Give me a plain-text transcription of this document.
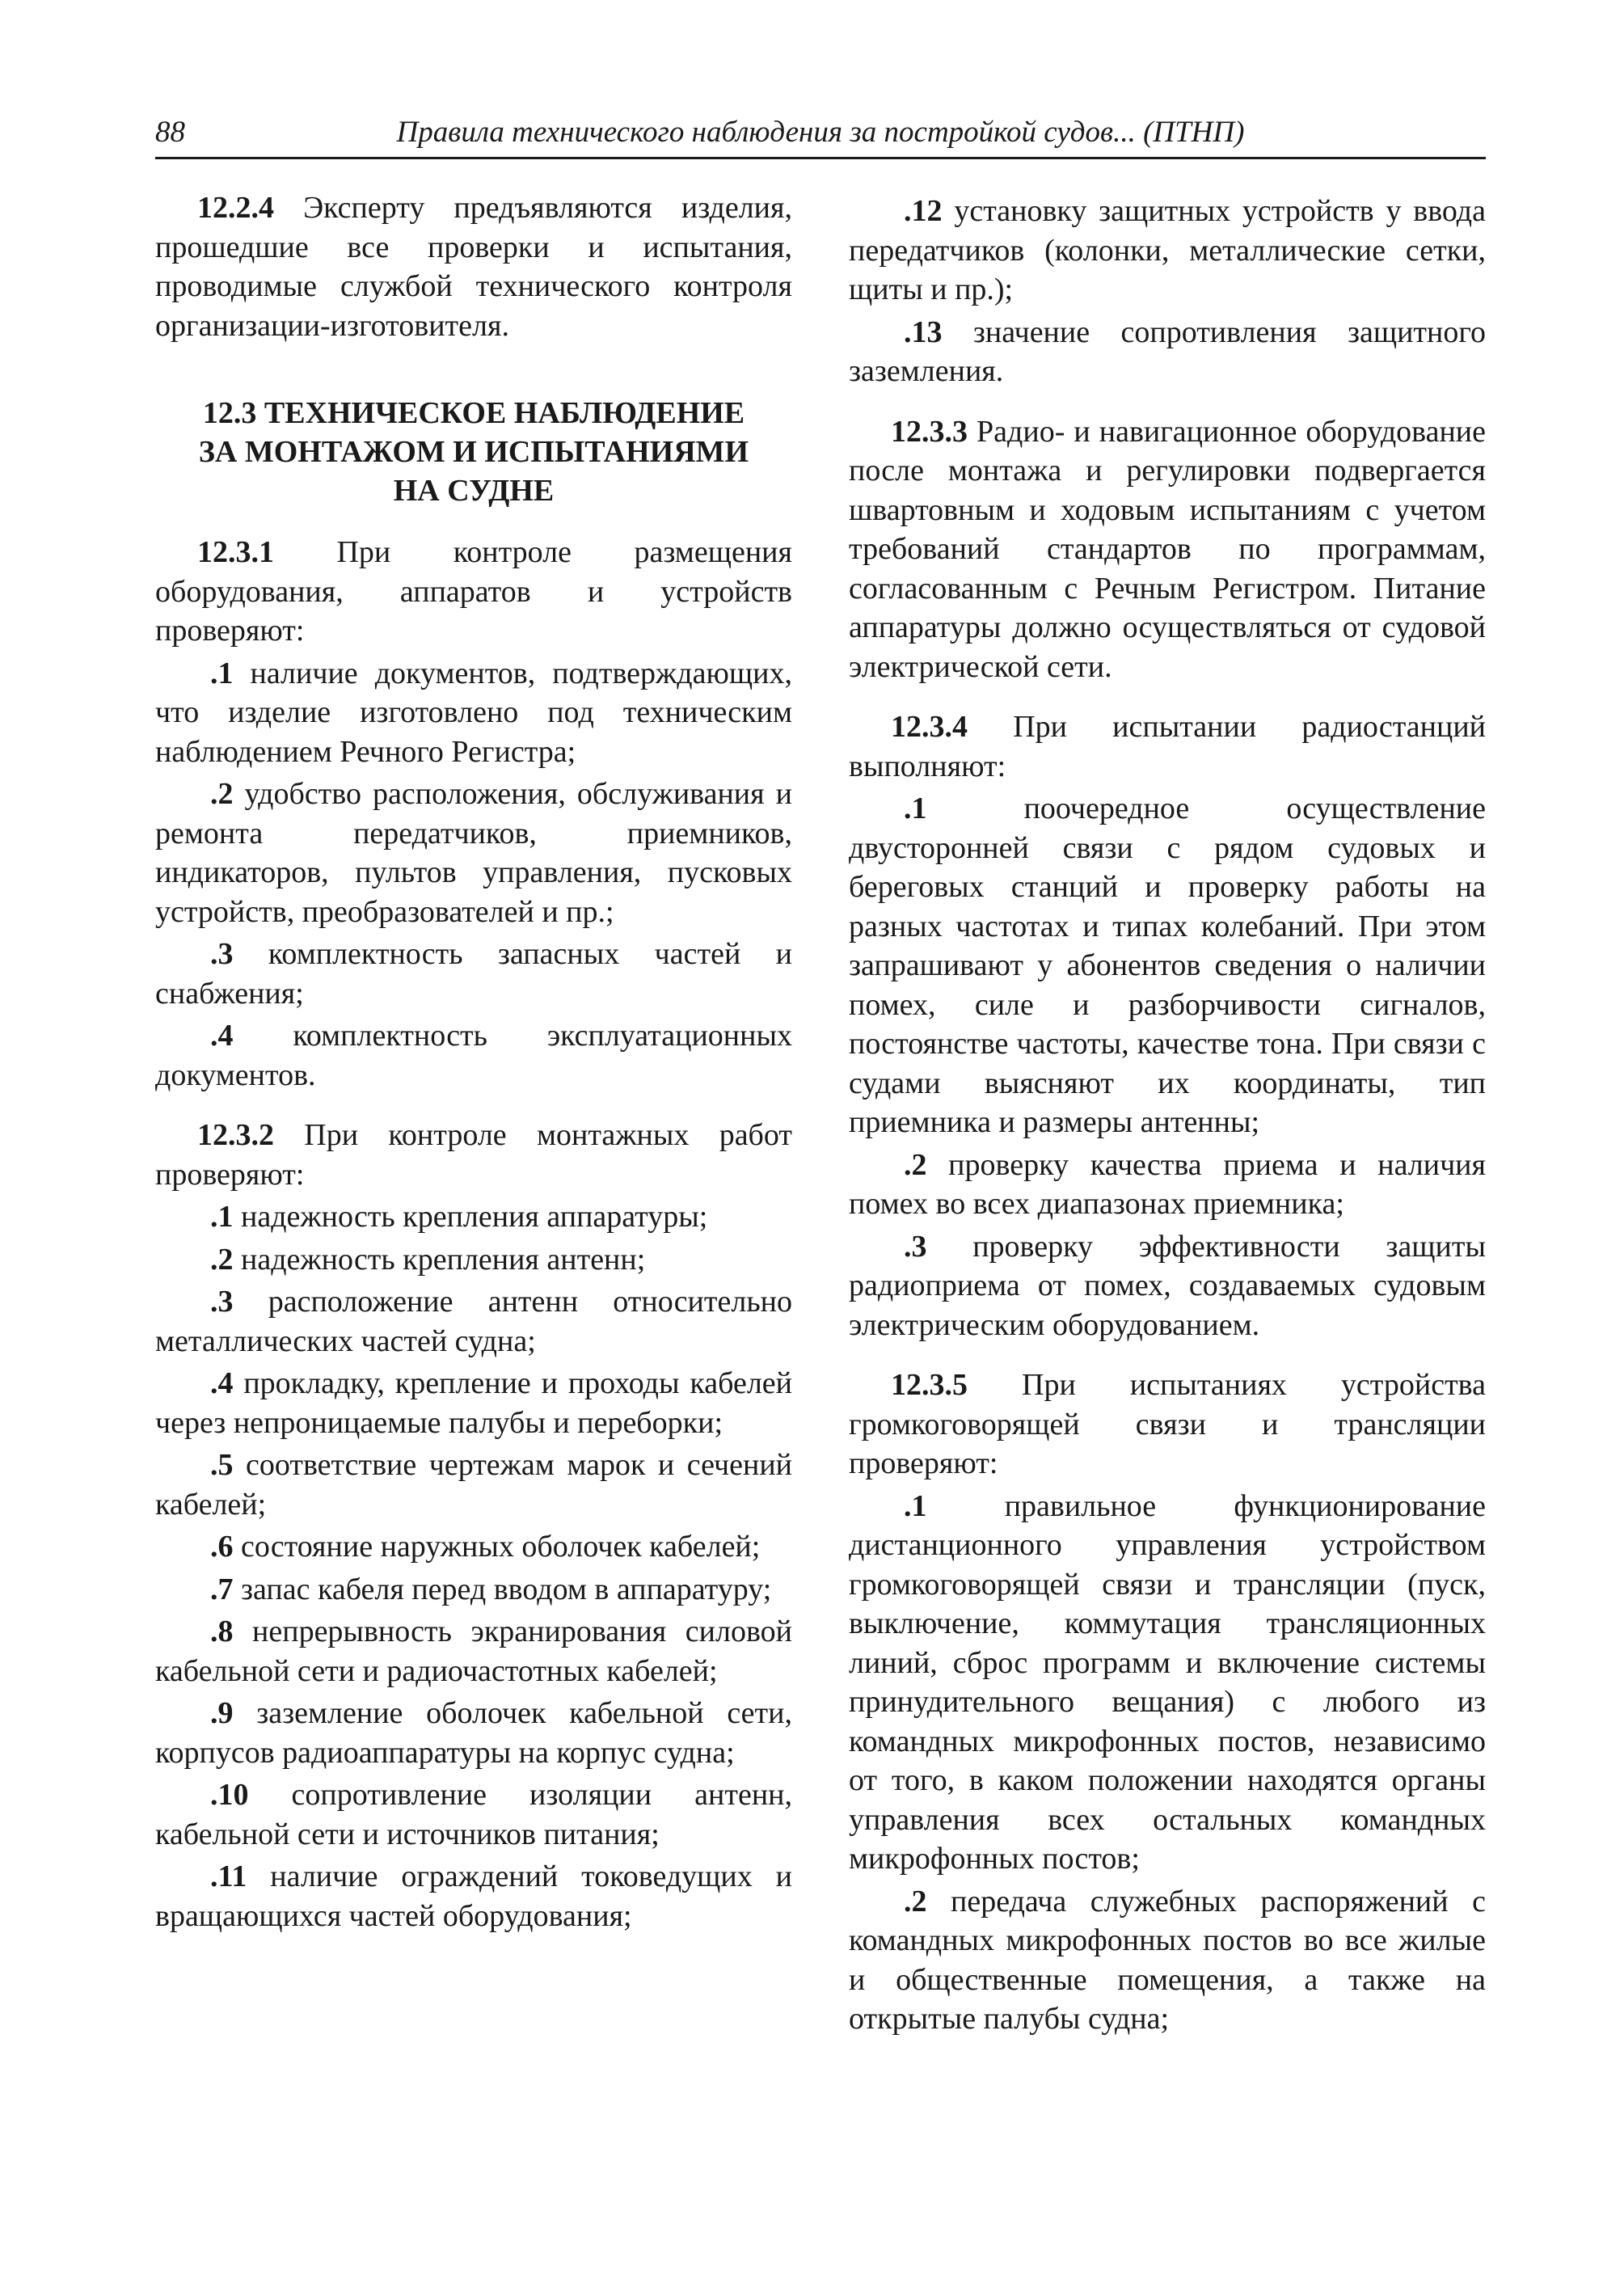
88	Правила технического наблюдения за постройкой судов... (ПТНП)

12.2.4 Эксперту предъявляются изделия, прошедшие все проверки и испытания, проводимые службой технического контроля организации-изготовителя.

12.3 ТЕХНИЧЕСКОЕ НАБЛЮДЕНИЕ
ЗА МОНТАЖОМ И ИСПЫТАНИЯМИ
НА СУДНЕ

12.3.1 При контроле размещения оборудования, аппаратов и устройств проверяют:

.1 наличие документов, подтверждающих, что изделие изготовлено под техническим наблюдением Речного Регистра;

.2 удобство расположения, обслуживания и ремонта передатчиков, приемников, индикаторов, пультов управления, пусковых устройств, преобразователей и пр.;

.3 комплектность запасных частей и снабжения;

.4 комплектность эксплуатационных документов.

12.3.2 При контроле монтажных работ проверяют:

.1 надежность крепления аппаратуры;

.2 надежность крепления антенн;

.3 расположение антенн относительно металлических частей судна;

.4 прокладку, крепление и проходы кабелей через непроницаемые палубы и переборки;

.5 соответствие чертежам марок и сечений кабелей;

.6 состояние наружных оболочек кабелей;

.7 запас кабеля перед вводом в аппаратуру;

.8 непрерывность экранирования силовой кабельной сети и радиочастотных кабелей;

.9 заземление оболочек кабельной сети, корпусов радиоаппаратуры на корпус судна;

.10 сопротивление изоляции антенн, кабельной сети и источников питания;

.11 наличие ограждений токоведущих и вращающихся частей оборудования;

.12 установку защитных устройств у ввода передатчиков (колонки, металлические сетки, щиты и пр.);

.13 значение сопротивления защитного заземления.

12.3.3 Радио- и навигационное оборудование после монтажа и регулировки подвергается швартовным и ходовым испытаниям с учетом требований стандартов по программам, согласованным с Речным Регистром. Питание аппаратуры должно осуществляться от судовой электрической сети.

12.3.4 При испытании радиостанций выполняют:

.1 поочередное осуществление двусторонней связи с рядом судовых и береговых станций и проверку работы на разных частотах и типах колебаний. При этом запрашивают у абонентов сведения о наличии помех, силе и разборчивости сигналов, постоянстве частоты, качестве тона. При связи с судами выясняют их координаты, тип приемника и размеры антенны;

.2 проверку качества приема и наличия помех во всех диапазонах приемника;

.3 проверку эффективности защиты радиоприема от помех, создаваемых судовым электрическим оборудованием.

12.3.5 При испытаниях устройства громкоговорящей связи и трансляции проверяют:

.1 правильное функционирование дистанционного управления устройством громкоговорящей связи и трансляции (пуск, выключение, коммутация трансляционных линий, сброс программ и включение системы принудительного вещания) с любого из командных микрофонных постов, независимо от того, в каком положении находятся органы управления всех остальных командных микрофонных постов;

.2 передача служебных распоряжений с командных микрофонных постов во все жилые и общественные помещения, а также на открытые палубы судна;
